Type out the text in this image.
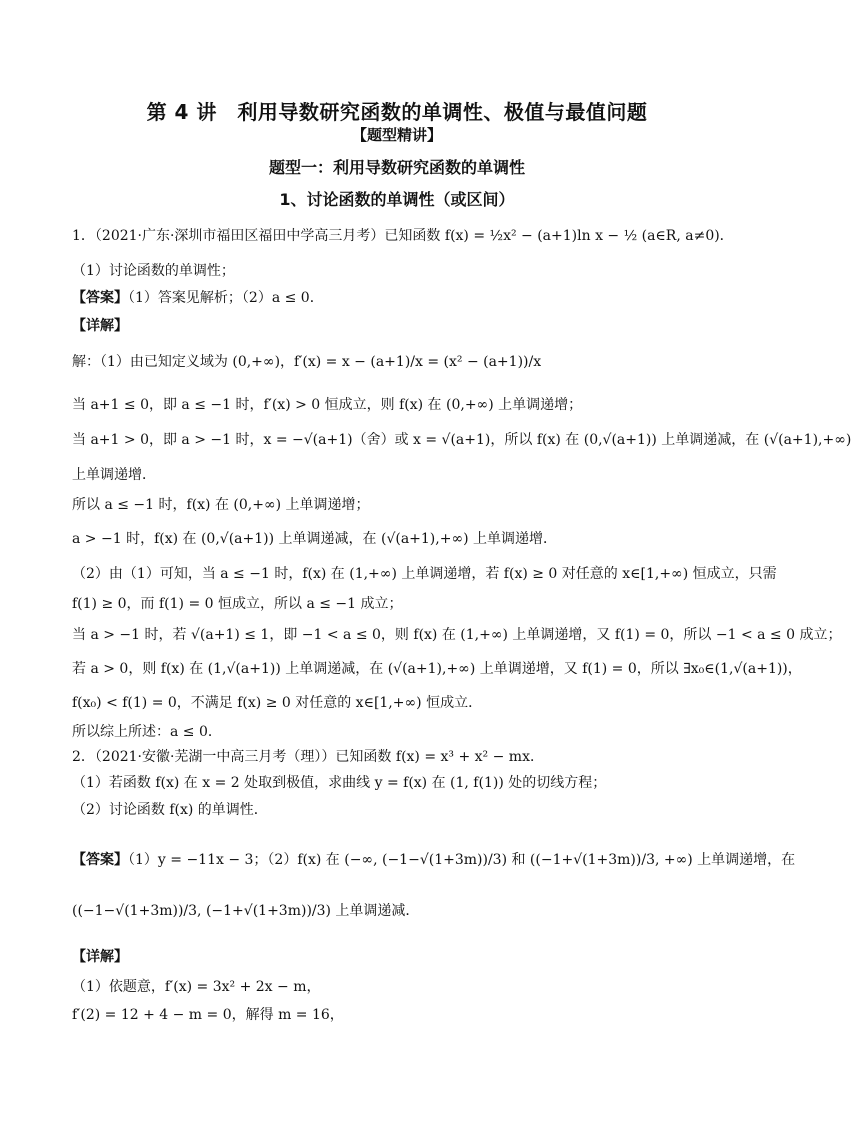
第 4 讲　利用导数研究函数的单调性、极值与最值问题
【题型精讲】
题型一：利用导数研究函数的单调性
1、讨论函数的单调性（或区间）
1．（2021·广东·深圳市福田区福田中学高三月考）已知函数 f(x) = ½x² − (a+1)ln x − ½ (a∈R, a≠0)．
（1）讨论函数的单调性；
【答案】（1）答案见解析；（2）a ≤ 0．
【详解】
解：（1）由已知定义域为 (0,+∞)，f′(x) = x − (a+1)/x = (x² − (a+1))/x
当 a+1 ≤ 0，即 a ≤ −1 时，f′(x) > 0 恒成立，则 f(x) 在 (0,+∞) 上单调递增；
当 a+1 > 0，即 a > −1 时，x = −√(a+1)（舍）或 x = √(a+1)，所以 f(x) 在 (0,√(a+1)) 上单调递减，在 (√(a+1),+∞)
上单调递增．
所以 a ≤ −1 时，f(x) 在 (0,+∞) 上单调递增；
a > −1 时，f(x) 在 (0,√(a+1)) 上单调递减，在 (√(a+1),+∞) 上单调递增．
（2）由（1）可知，当 a ≤ −1 时，f(x) 在 (1,+∞) 上单调递增，若 f(x) ≥ 0 对任意的 x∈[1,+∞) 恒成立，只需
f(1) ≥ 0，而 f(1) = 0 恒成立，所以 a ≤ −1 成立；
当 a > −1 时，若 √(a+1) ≤ 1，即 −1 < a ≤ 0，则 f(x) 在 (1,+∞) 上单调递增，又 f(1) = 0，所以 −1 < a ≤ 0 成立；
若 a > 0，则 f(x) 在 (1,√(a+1)) 上单调递减，在 (√(a+1),+∞) 上单调递增，又 f(1) = 0，所以 ∃x₀∈(1,√(a+1))，
f(x₀) < f(1) = 0，不满足 f(x) ≥ 0 对任意的 x∈[1,+∞) 恒成立．
所以综上所述：a ≤ 0．
2．（2021·安徽·芜湖一中高三月考（理））已知函数 f(x) = x³ + x² − mx．
（1）若函数 f(x) 在 x = 2 处取到极值，求曲线 y = f(x) 在 (1, f(1)) 处的切线方程；
（2）讨论函数 f(x) 的单调性．
【答案】（1）y = −11x − 3；（2）f(x) 在 (−∞, (−1−√(1+3m))/3) 和 ((−1+√(1+3m))/3, +∞) 上单调递增，在
((−1−√(1+3m))/3, (−1+√(1+3m))/3) 上单调递减．
【详解】
（1）依题意，f′(x) = 3x² + 2x − m，
f′(2) = 12 + 4 − m = 0，解得 m = 16，
